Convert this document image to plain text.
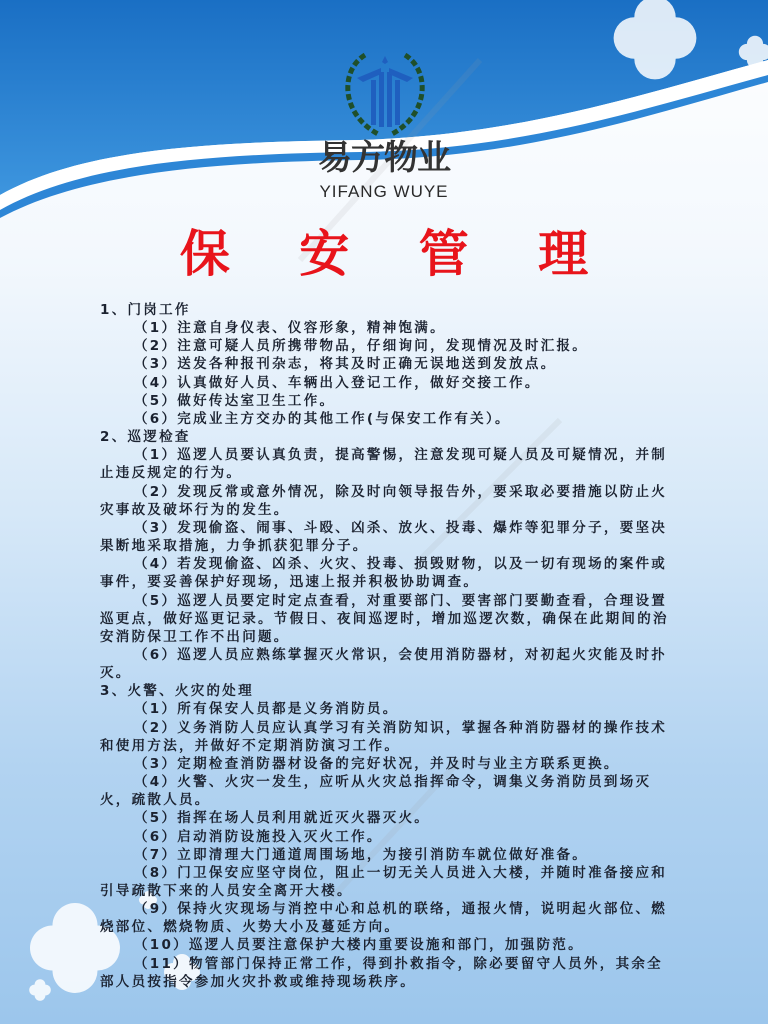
易方物业
YIFANG WUYE
保 安 管 理

1、门岗工作

（1）注意自身仪表、仪容形象，精神饱满。

（2）注意可疑人员所携带物品，仔细询问，发现情况及时汇报。

（3）送发各种报刊杂志，将其及时正确无误地送到发放点。

（4）认真做好人员、车辆出入登记工作，做好交接工作。

（5）做好传达室卫生工作。

（6）完成业主方交办的其他工作(与保安工作有关）。

2、巡逻检查

（1）巡逻人员要认真负责，提高警惕，注意发现可疑人员及可疑情况，并制止违反规定的行为。

（2）发现反常或意外情况，除及时向领导报告外，要采取必要措施以防止火灾事故及破坏行为的发生。

（3）发现偷盗、闹事、斗殴、凶杀、放火、投毒、爆炸等犯罪分子，要坚决果断地采取措施，力争抓获犯罪分子。

（4）若发现偷盗、凶杀、火灾、投毒、损毁财物，以及一切有现场的案件或事件，要妥善保护好现场，迅速上报并积极协助调查。

（5）巡逻人员要定时定点查看，对重要部门、要害部门要勤查看，合理设置巡更点，做好巡更记录。节假日、夜间巡逻时，增加巡逻次数，确保在此期间的治安消防保卫工作不出问题。

（6）巡逻人员应熟练掌握灭火常识，会使用消防器材，对初起火灾能及时扑灭。

3、火警、火灾的处理

（1）所有保安人员都是义务消防员。

（2）义务消防人员应认真学习有关消防知识，掌握各种消防器材的操作技术和使用方法，并做好不定期消防演习工作。

（3）定期检查消防器材设备的完好状况，并及时与业主方联系更换。

（4）火警、火灾一发生，应听从火灾总指挥命令，调集义务消防员到场灭火，疏散人员。

（5）指挥在场人员利用就近灭火器灭火。

（6）启动消防设施投入灭火工作。

（7）立即清理大门通道周围场地，为接引消防车就位做好准备。

（8）门卫保安应坚守岗位，阻止一切无关人员进入大楼，并随时准备接应和引导疏散下来的人员安全离开大楼。

（9）保持火灾现场与消控中心和总机的联络，通报火情，说明起火部位、燃烧部位、燃烧物质、火势大小及蔓延方向。

（10）巡逻人员要注意保护大楼内重要设施和部门，加强防范。

（11）物管部门保持正常工作，得到扑救指令，除必要留守人员外，其余全部人员按指令参加火灾扑救或维持现场秩序。
